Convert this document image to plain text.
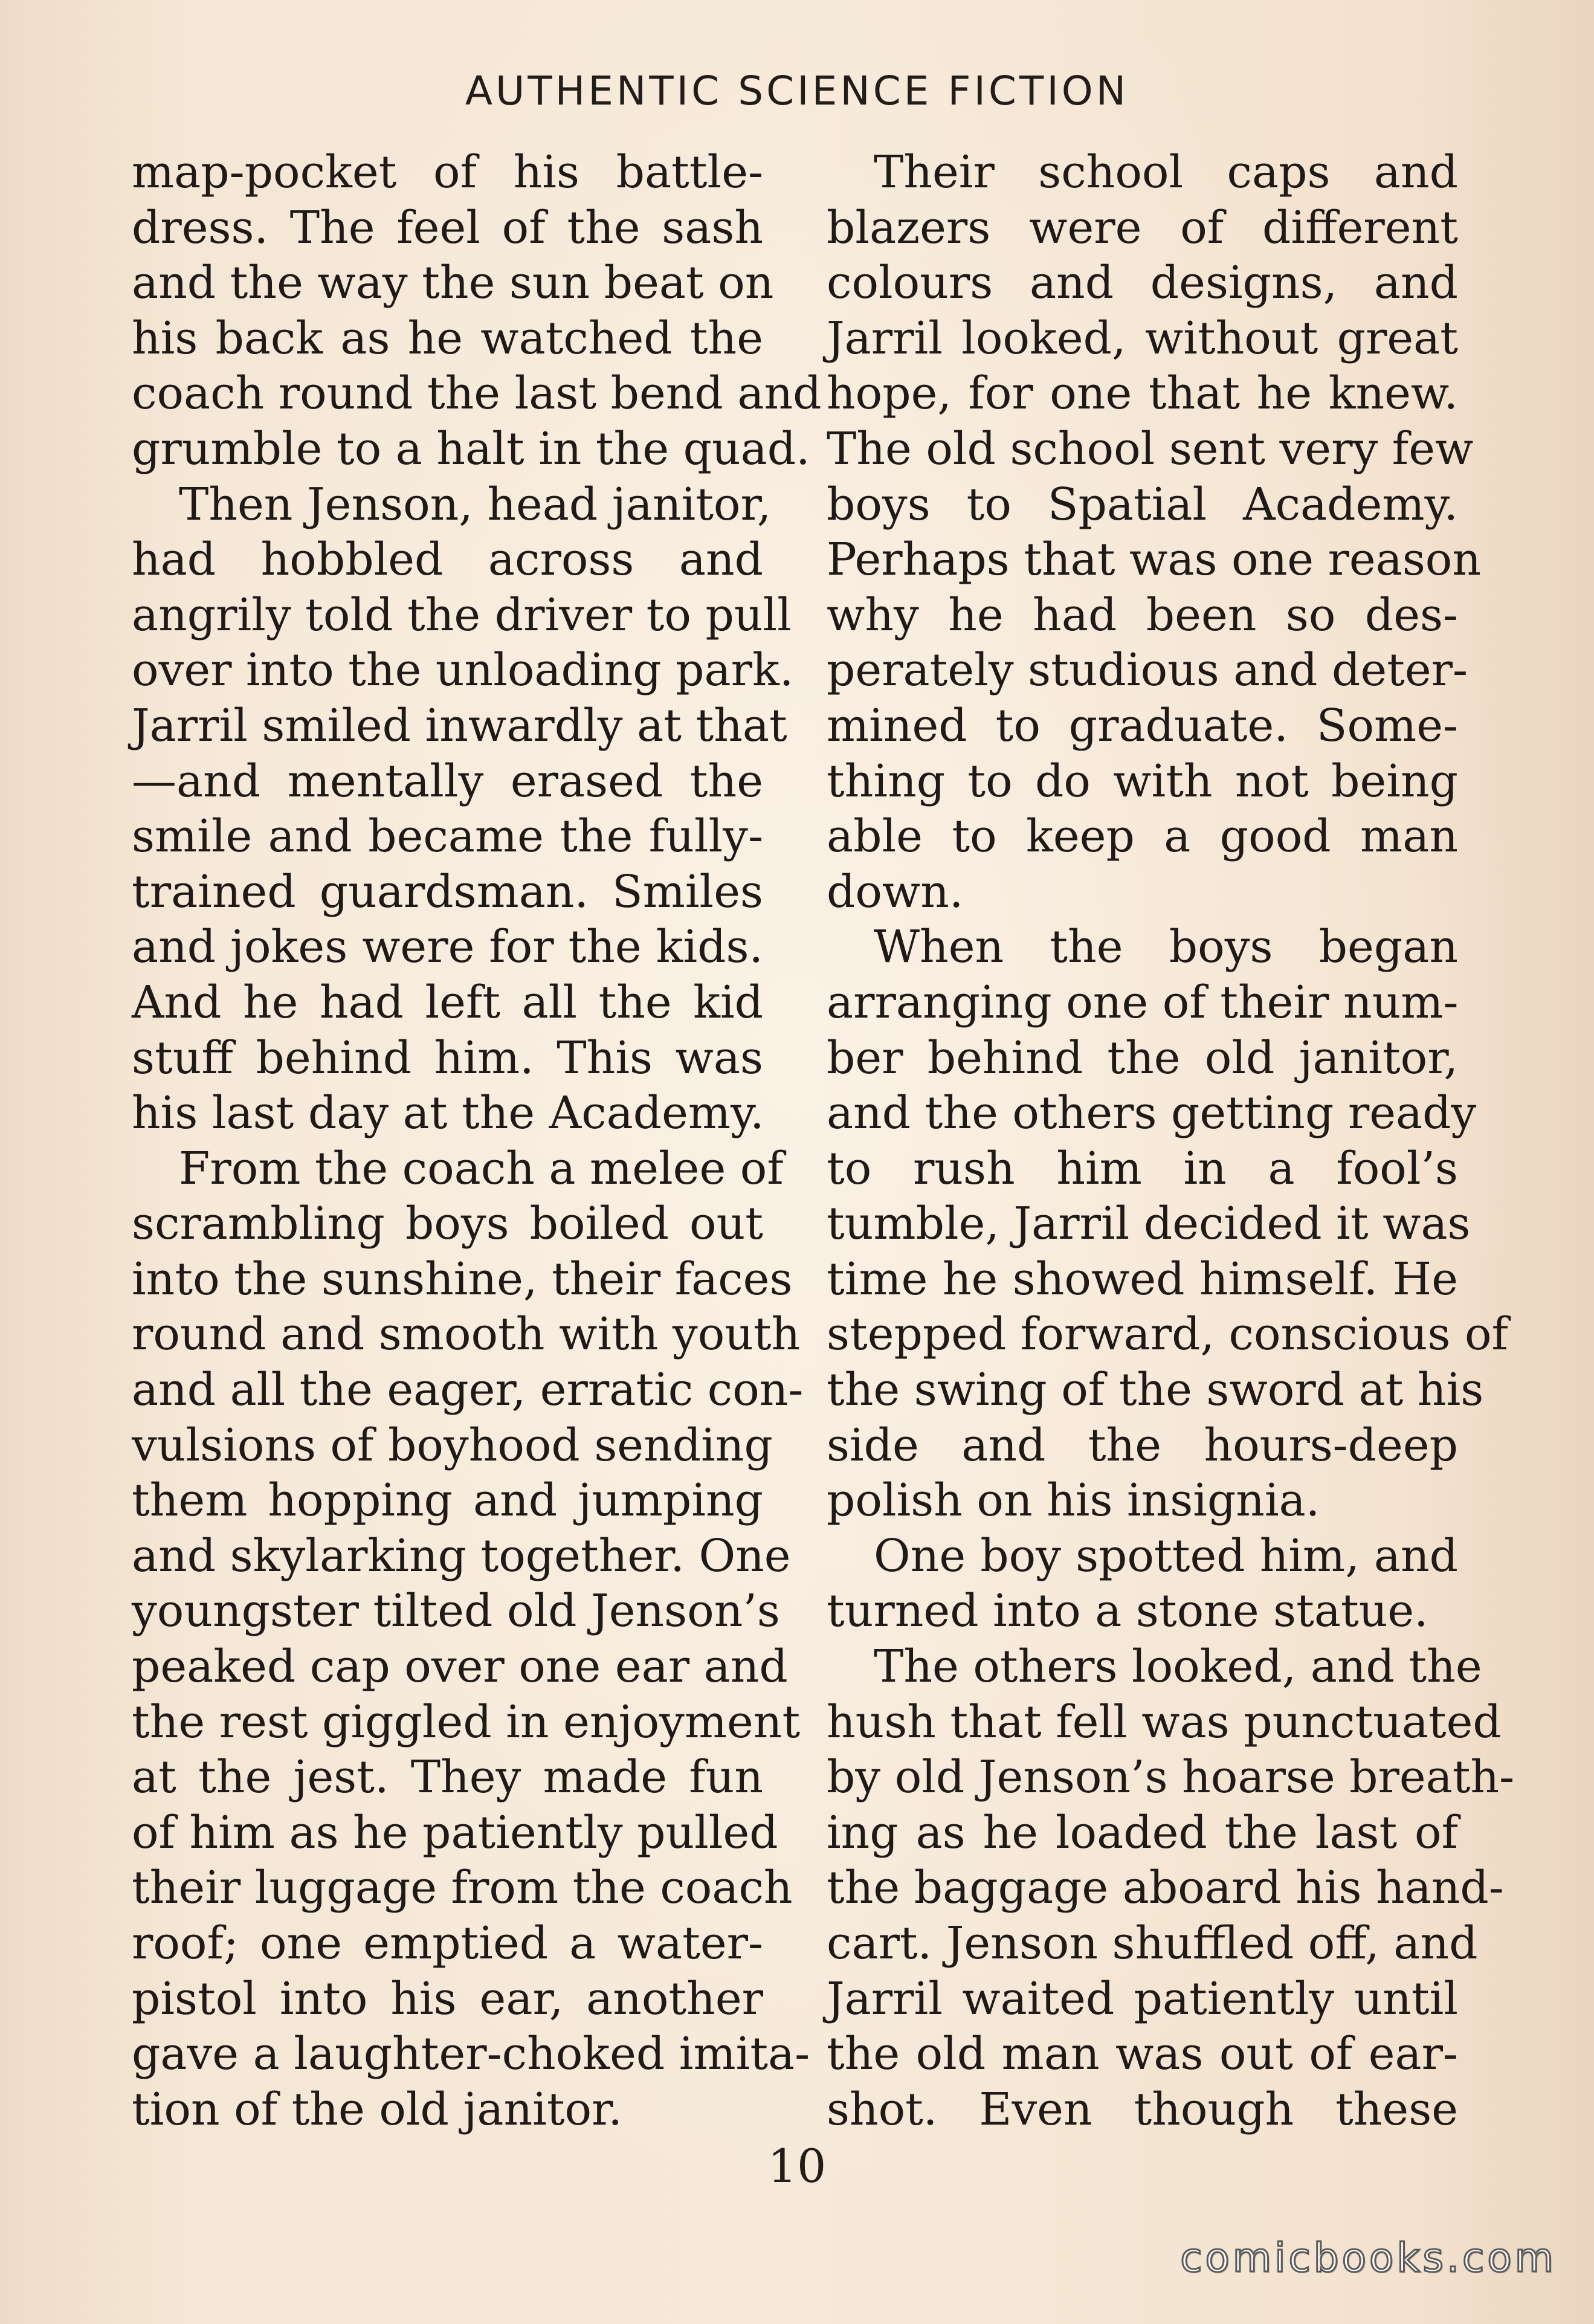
AUTHENTIC SCIENCE FICTION
map-pocket of his battle-
dress. The feel of the sash
and the way the sun beat on
his back as he watched the
coach round the last bend and
grumble to a halt in the quad.
Then Jenson, head janitor,
had hobbled across and
angrily told the driver to pull
over into the unloading park.
Jarril smiled inwardly at that
—and mentally erased the
smile and became the fully-
trained guardsman. Smiles
and jokes were for the kids.
And he had left all the kid
stuff behind him. This was
his last day at the Academy.
From the coach a melee of
scrambling boys boiled out
into the sunshine, their faces
round and smooth with youth
and all the eager, erratic con-
vulsions of boyhood sending
them hopping and jumping
and skylarking together. One
youngster tilted old Jenson’s
peaked cap over one ear and
the rest giggled in enjoyment
at the jest. They made fun
of him as he patiently pulled
their luggage from the coach
roof; one emptied a water-
pistol into his ear, another
gave a laughter-choked imita-
tion of the old janitor.
Their school caps and
blazers were of different
colours and designs, and
Jarril looked, without great
hope, for one that he knew.
The old school sent very few
boys to Spatial Academy.
Perhaps that was one reason
why he had been so des-
perately studious and deter-
mined to graduate. Some-
thing to do with not being
able to keep a good man
down.
When the boys began
arranging one of their num-
ber behind the old janitor,
and the others getting ready
to rush him in a fool’s
tumble, Jarril decided it was
time he showed himself. He
stepped forward, conscious of
the swing of the sword at his
side and the hours-deep
polish on his insignia.
One boy spotted him, and
turned into a stone statue.
The others looked, and the
hush that fell was punctuated
by old Jenson’s hoarse breath-
ing as he loaded the last of
the baggage aboard his hand-
cart. Jenson shuffled off, and
Jarril waited patiently until
the old man was out of ear-
shot. Even though these
10
comicbooks.com
